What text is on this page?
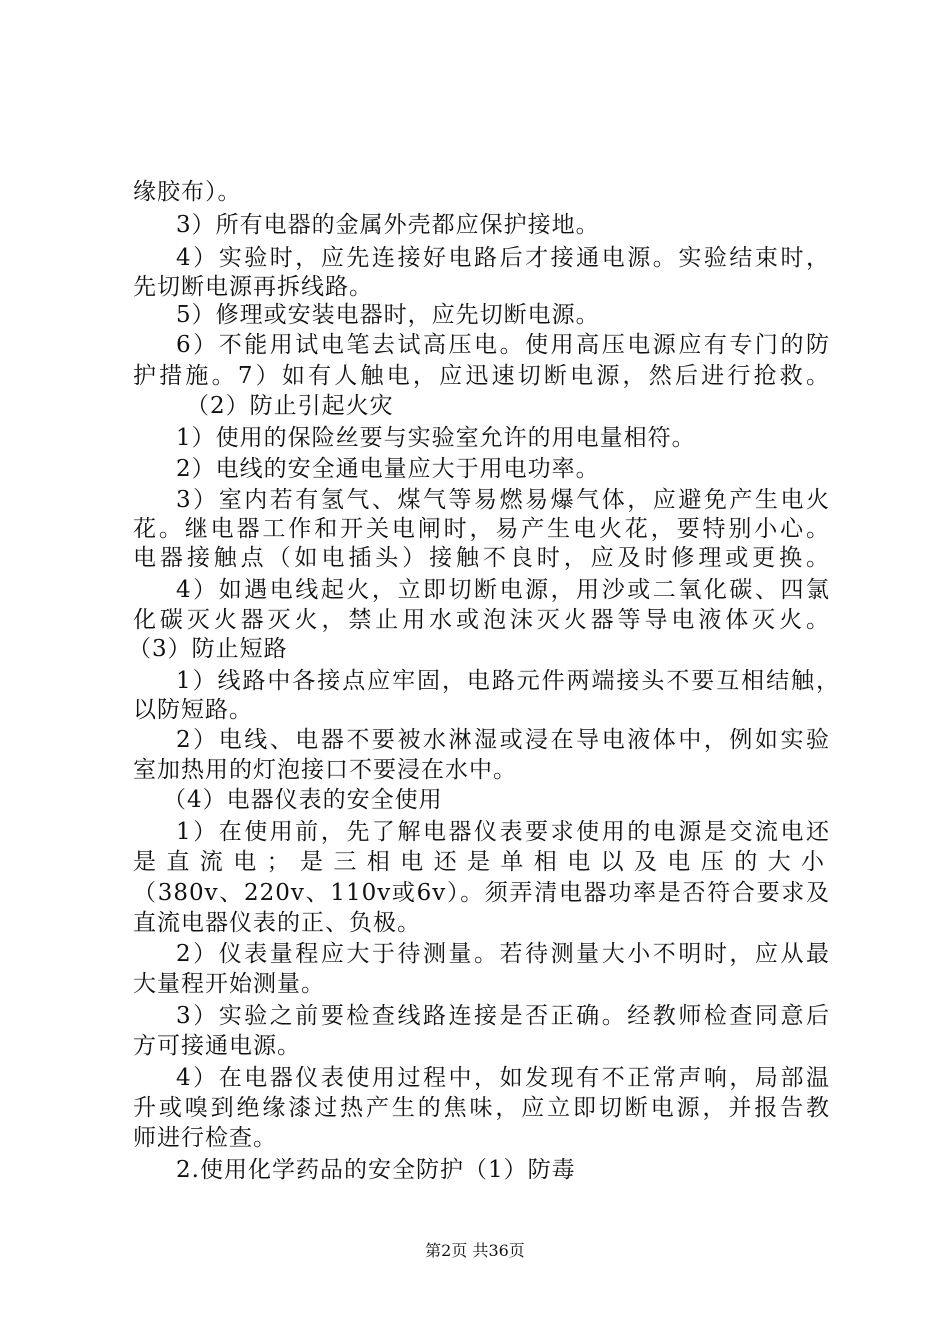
缘胶布）。
3）所有电器的金属外壳都应保护接地。
4）实验时，应先连接好电路后才接通电源。实验结束时，
先切断电源再拆线路。
5）修理或安装电器时，应先切断电源。
6）不能用试电笔去试高压电。使用高压电源应有专门的防
护措施。7）如有人触电，应迅速切断电源，然后进行抢救。
（2）防止引起火灾
1）使用的保险丝要与实验室允许的用电量相符。
2）电线的安全通电量应大于用电功率。
3）室内若有氢气、煤气等易燃易爆气体，应避免产生电火
花。继电器工作和开关电闸时，易产生电火花，要特别小心。
电器接触点（如电插头）接触不良时，应及时修理或更换。
4）如遇电线起火，立即切断电源，用沙或二氧化碳、四氯
化碳灭火器灭火，禁止用水或泡沫灭火器等导电液体灭火。
（3）防止短路
1）线路中各接点应牢固，电路元件两端接头不要互相结触，
以防短路。
2）电线、电器不要被水淋湿或浸在导电液体中，例如实验
室加热用的灯泡接口不要浸在水中。
（4）电器仪表的安全使用
1）在使用前，先了解电器仪表要求使用的电源是交流电还
是直流电；是三相电还是单相电以及电压的大小
（380v、220v、110v或6v）。须弄清电器功率是否符合要求及
直流电器仪表的正、负极。
2）仪表量程应大于待测量。若待测量大小不明时，应从最
大量程开始测量。
3）实验之前要检查线路连接是否正确。经教师检查同意后
方可接通电源。
4）在电器仪表使用过程中，如发现有不正常声响，局部温
升或嗅到绝缘漆过热产生的焦味，应立即切断电源，并报告教
师进行检查。
2.使用化学药品的安全防护（1）防毒
第2页 共36页
